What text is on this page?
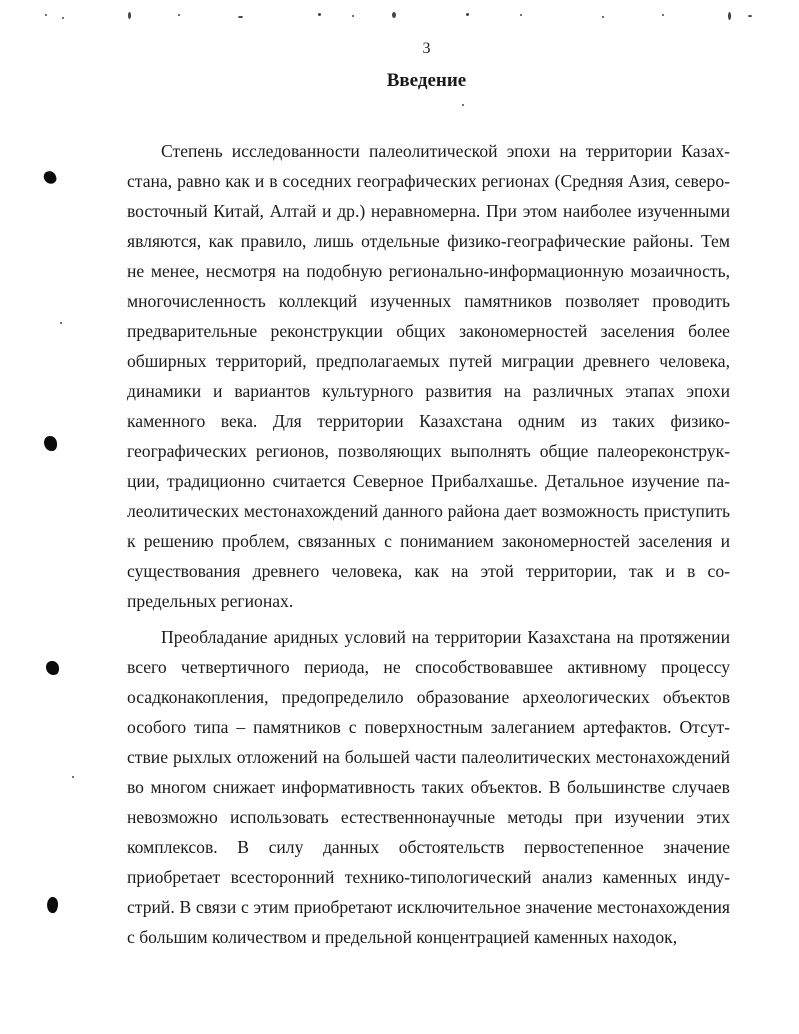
3
Введение

Степень исследованности палеолитической эпохи на территории Казахстана, равно как и в соседних географических регионах (Средняя Азия, северо-восточный Китай, Алтай и др.) неравномерна. При этом наиболее изученными являются, как правило, лишь отдельные физико-географические районы. Тем не менее, несмотря на подобную регионально-информационную мозаичность, многочисленность коллекций изученных памятников позволяет проводить предварительные реконструкции общих закономерностей заселения более обширных территорий, предполагаемых путей миграции древнего человека, динамики и вариантов культурного развития на различных этапах эпохи каменного века. Для территории Казахстана одним из таких физико-географических регионов, позволяющих выполнять общие палеореконструкции, традиционно считается Северное Прибалхашье. Детальное изучение палеолитических местонахождений данного района дает возможность приступить к решению проблем, связанных с пониманием закономерностей заселения и существования древнего человека, как на этой территории, так и в сопредельных регионах.

Преобладание аридных условий на территории Казахстана на протяжении всего четвертичного периода, не способствовавшее активному процессу осадконакопления, предопределило образование археологических объектов особого типа – памятников с поверхностным залеганием артефактов. Отсутствие рыхлых отложений на большей части палеолитических местонахождений во многом снижает информативность таких объектов. В большинстве случаев невозможно использовать естественнонаучные методы при изучении этих комплексов. В силу данных обстоятельств первостепенное значение приобретает всесторонний технико-типологический анализ каменных индустрий. В связи с этим приобретают исключительное значение местонахождения с большим количеством и предельной концентрацией каменных находок,
